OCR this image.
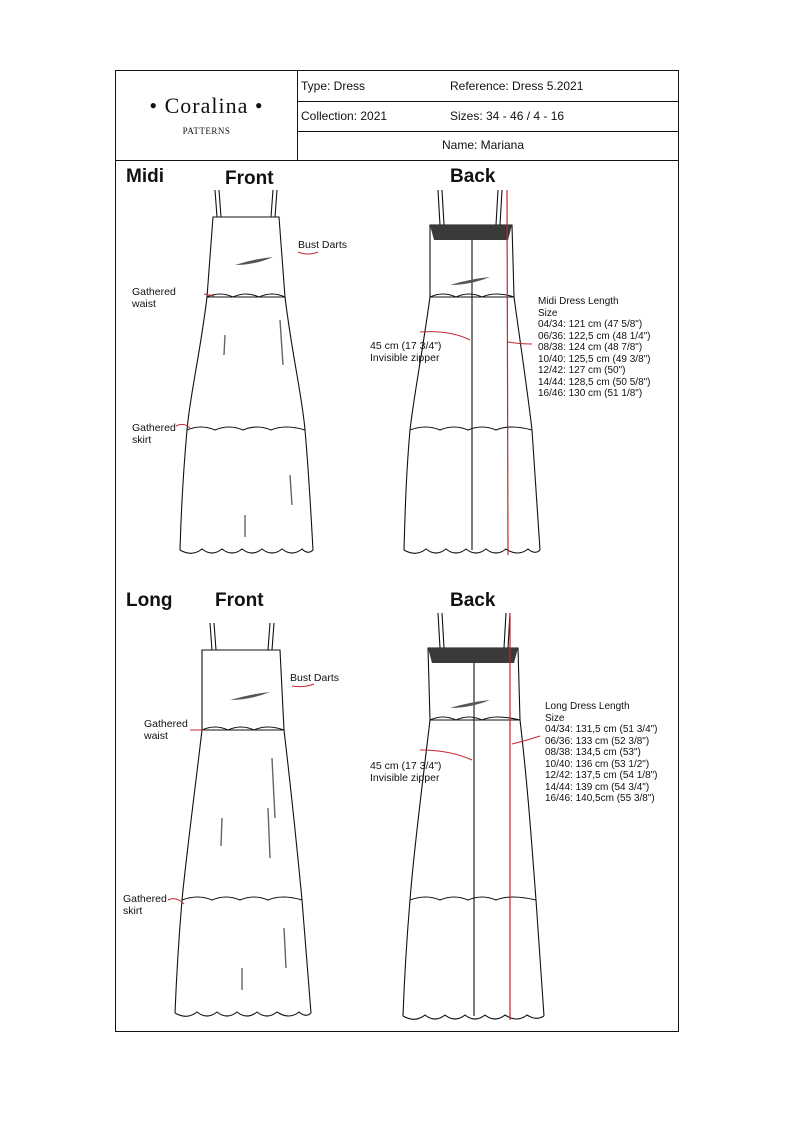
• Coralina •
PATTERNS
Type: Dress	Reference: Dress 5.2021
Collection: 2021	Sizes: 34 - 46 / 4 - 16
Name: Mariana
Midi	Front	Back
Bust Darts
Gathered
waist
Gathered
skirt
45 cm (17 3/4")
Invisible zipper
Midi Dress Length
Size
04/34: 121 cm (47 5/8")
06/36: 122,5 cm (48 1/4")
08/38: 124 cm (48 7/8")
10/40: 125,5 cm (49 3/8")
12/42: 127 cm (50")
14/44: 128,5 cm (50 5/8")
16/46: 130 cm (51 1/8")
Long Front	Back
Bust Darts
Gathered
waist
Gathered
skirt
45 cm (17 3/4")
Invisible zipper
Long Dress Length
Size
04/34: 131,5 cm (51 3/4")
06/36: 133 cm (52 3/8")
08/38: 134,5 cm (53")
10/40: 136 cm (53 1/2")
12/42: 137,5 cm (54 1/8")
14/44: 139 cm (54 3/4")
16/46: 140,5cm (55 3/8")
